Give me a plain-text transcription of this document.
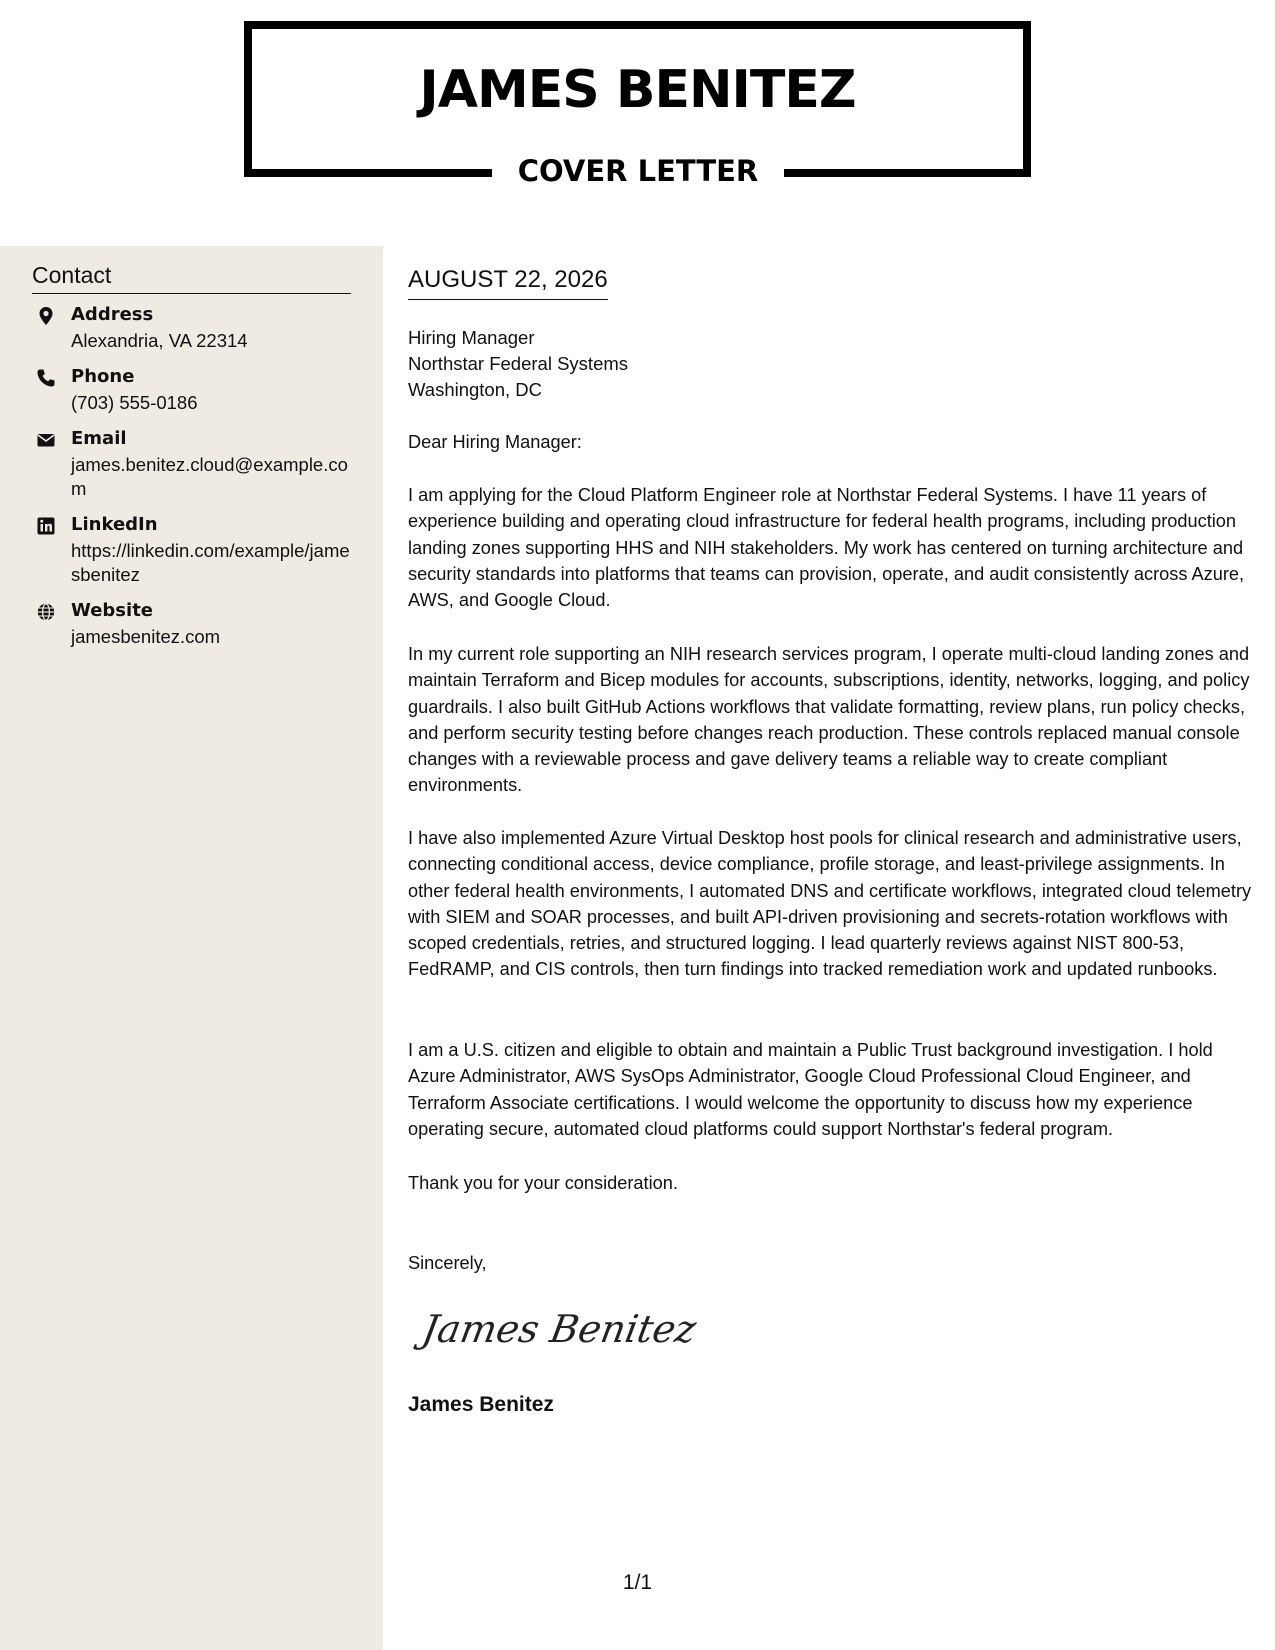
JAMES BENITEZ
COVER LETTER
Contact
Address
Alexandria, VA 22314
Phone
(703) 555-0186
Email
james.benitez.cloud@example.com
LinkedIn
https://linkedin.com/example/jamesbenitez
Website
jamesbenitez.com
AUGUST 22, 2026
Hiring Manager
Northstar Federal Systems
Washington, DC
Dear Hiring Manager:
I am applying for the Cloud Platform Engineer role at Northstar Federal Systems. I have 11 years of experience building and operating cloud infrastructure for federal health programs, including production landing zones supporting HHS and NIH stakeholders. My work has centered on turning architecture and security standards into platforms that teams can provision, operate, and audit consistently across Azure, AWS, and Google Cloud.
In my current role supporting an NIH research services program, I operate multi-cloud landing zones and maintain Terraform and Bicep modules for accounts, subscriptions, identity, networks, logging, and policy guardrails. I also built GitHub Actions workflows that validate formatting, review plans, run policy checks, and perform security testing before changes reach production. These controls replaced manual console changes with a reviewable process and gave delivery teams a reliable way to create compliant environments.
I have also implemented Azure Virtual Desktop host pools for clinical research and administrative users, connecting conditional access, device compliance, profile storage, and least-privilege assignments. In other federal health environments, I automated DNS and certificate workflows, integrated cloud telemetry with SIEM and SOAR processes, and built API-driven provisioning and secrets-rotation workflows with scoped credentials, retries, and structured logging. I lead quarterly reviews against NIST 800-53, FedRAMP, and CIS controls, then turn findings into tracked remediation work and updated runbooks.
I am a U.S. citizen and eligible to obtain and maintain a Public Trust background investigation. I hold Azure Administrator, AWS SysOps Administrator, Google Cloud Professional Cloud Engineer, and Terraform Associate certifications. I would welcome the opportunity to discuss how my experience operating secure, automated cloud platforms could support Northstar's federal program.
Thank you for your consideration.
Sincerely,
James Benitez
James Benitez
1/1
